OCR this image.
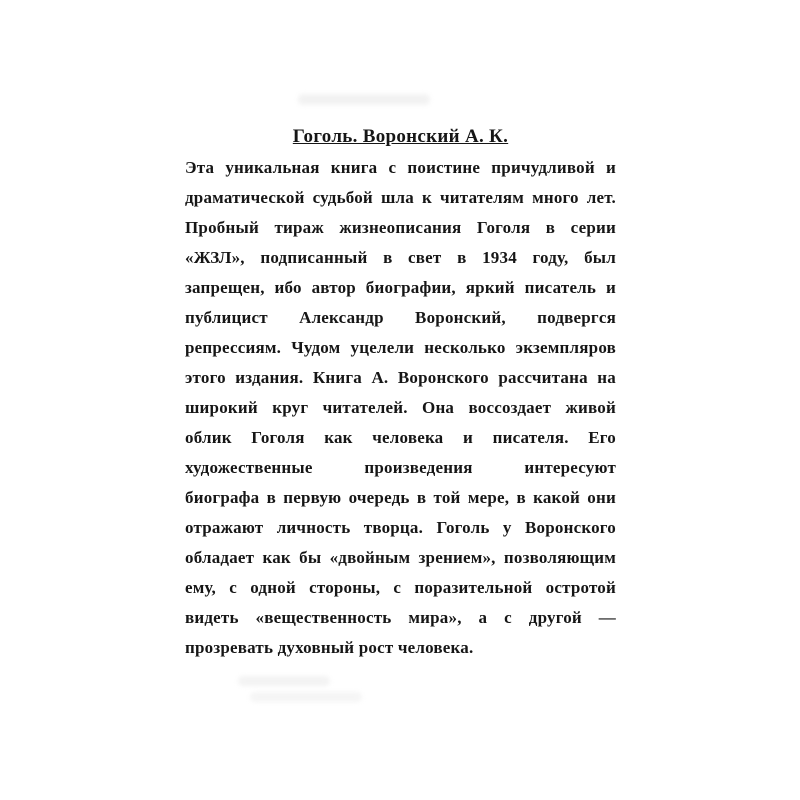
Гоголь. Воронский А. К.
Эта уникальная книга с поистине причудливой и
драматической судьбой шла к читателям много лет.
Пробный тираж жизнеописания Гоголя в серии
«ЖЗЛ», подписанный в свет в 1934 году, был
запрещен, ибо автор биографии, яркий писатель и
публицист Александр Воронский, подвергся
репрессиям. Чудом уцелели несколько экземпляров
этого издания. Книга А. Воронского рассчитана на
широкий круг читателей. Она воссоздает живой
облик Гоголя как человека и писателя. Его
художественные произведения интересуют
биографа в первую очередь в той мере, в какой они
отражают личность творца. Гоголь у Воронского
обладает как бы «двойным зрением», позволяющим
ему, с одной стороны, с поразительной остротой
видеть «вещественность мира», а с другой —
прозревать духовный рост человека.
